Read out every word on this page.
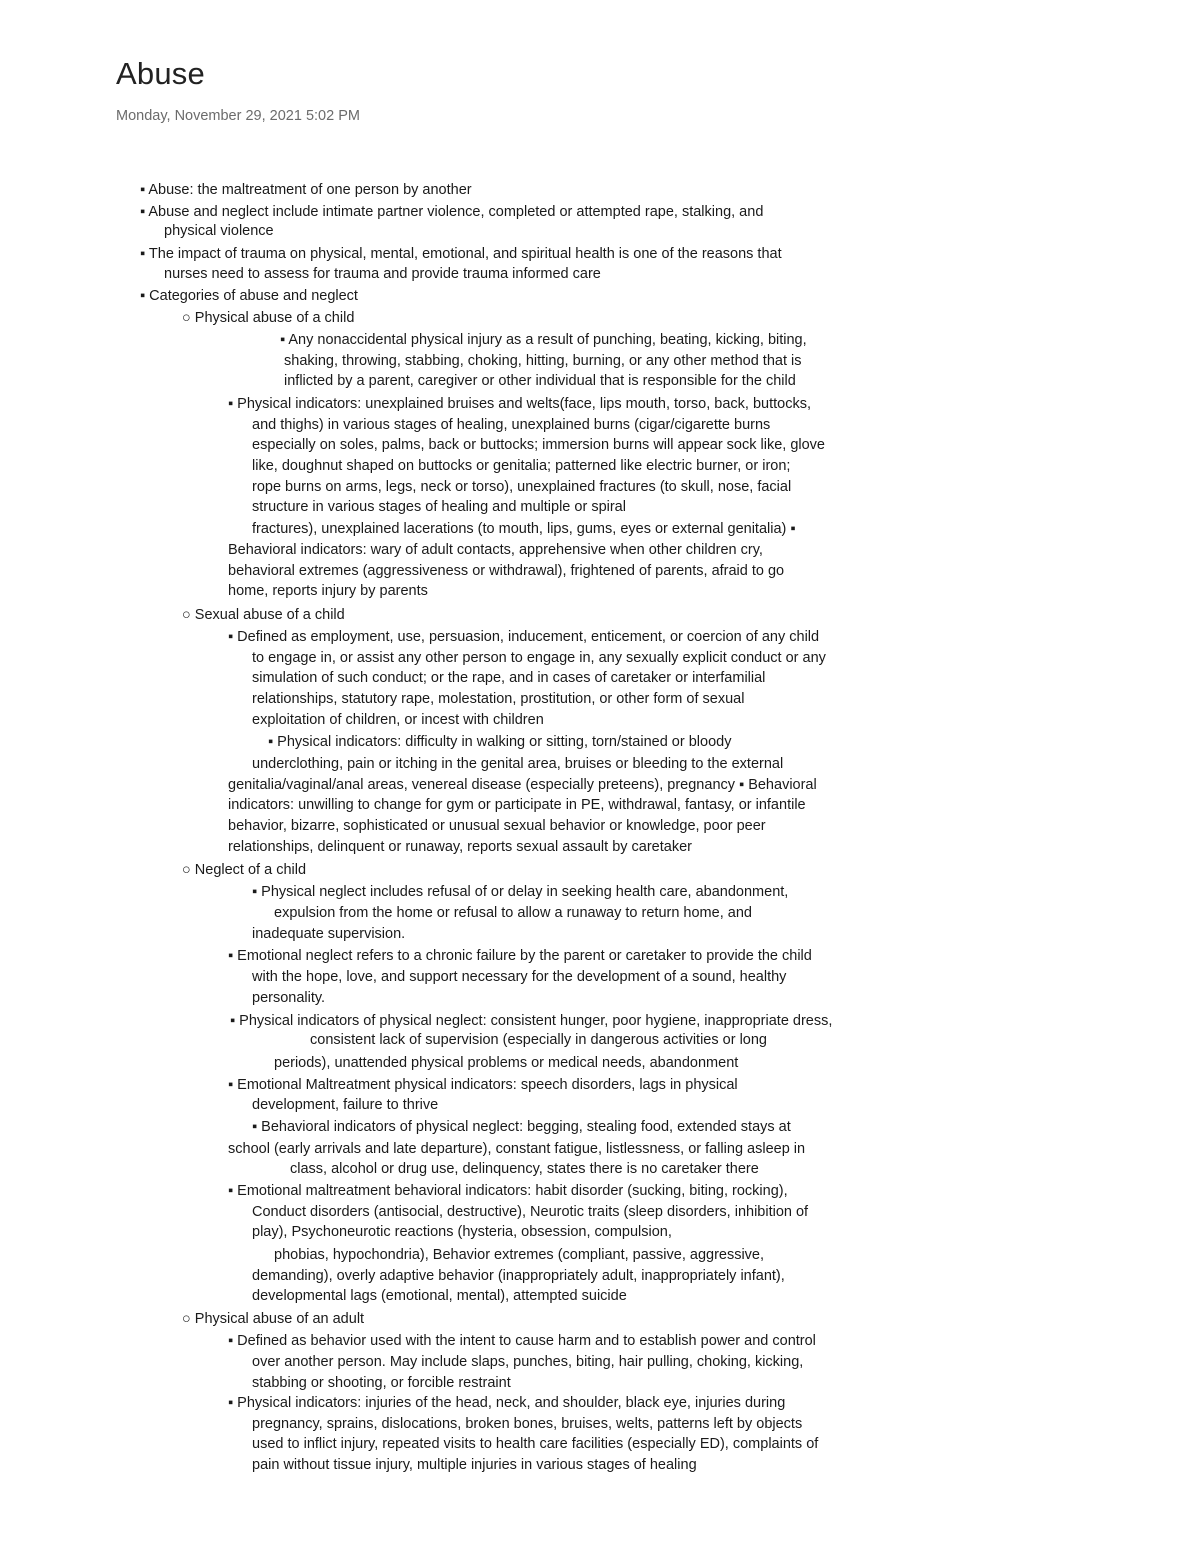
Abuse
Monday, November 29, 2021 5:02 PM
▪ Abuse: the maltreatment of one person by another
▪ Abuse and neglect include intimate partner violence, completed or attempted rape, stalking, and
physical violence
▪ The impact of trauma on physical, mental, emotional, and spiritual health is one of the reasons that
nurses need to assess for trauma and provide trauma informed care
▪ Categories of abuse and neglect
○ Physical abuse of a child
▪ Any nonaccidental physical injury as a result of punching, beating, kicking, biting,
shaking, throwing, stabbing, choking, hitting, burning, or any other method that is
inflicted by a parent, caregiver or other individual that is responsible for the child
▪ Physical indicators: unexplained bruises and welts(face, lips mouth, torso, back, buttocks,
and thighs) in various stages of healing, unexplained burns (cigar/cigarette burns
especially on soles, palms, back or buttocks; immersion burns will appear sock like, glove
like, doughnut shaped on buttocks or genitalia; patterned like electric burner, or iron;
rope burns on arms, legs, neck or torso), unexplained fractures (to skull, nose, facial
structure in various stages of healing and multiple or spiral
fractures), unexplained lacerations (to mouth, lips, gums, eyes or external genitalia) ▪
Behavioral indicators: wary of adult contacts, apprehensive when other children cry,
behavioral extremes (aggressiveness or withdrawal), frightened of parents, afraid to go
home, reports injury by parents
○ Sexual abuse of a child
▪ Defined as employment, use, persuasion, inducement, enticement, or coercion of any child
to engage in, or assist any other person to engage in, any sexually explicit conduct or any
simulation of such conduct; or the rape, and in cases of caretaker or interfamilial
relationships, statutory rape, molestation, prostitution, or other form of sexual
exploitation of children, or incest with children
▪ Physical indicators: difficulty in walking or sitting, torn/stained or bloody
underclothing, pain or itching in the genital area, bruises or bleeding to the external
genitalia/vaginal/anal areas, venereal disease (especially preteens), pregnancy ▪ Behavioral
indicators: unwilling to change for gym or participate in PE, withdrawal, fantasy, or infantile
behavior, bizarre, sophisticated or unusual sexual behavior or knowledge, poor peer
relationships, delinquent or runaway, reports sexual assault by caretaker
○ Neglect of a child
▪ Physical neglect includes refusal of or delay in seeking health care, abandonment,
expulsion from the home or refusal to allow a runaway to return home, and
inadequate supervision.
▪ Emotional neglect refers to a chronic failure by the parent or caretaker to provide the child
with the hope, love, and support necessary for the development of a sound, healthy
personality.
▪ Physical indicators of physical neglect: consistent hunger, poor hygiene, inappropriate dress,
consistent lack of supervision (especially in dangerous activities or long
periods), unattended physical problems or medical needs, abandonment
▪ Emotional Maltreatment physical indicators: speech disorders, lags in physical
development, failure to thrive
▪ Behavioral indicators of physical neglect: begging, stealing food, extended stays at
school (early arrivals and late departure), constant fatigue, listlessness, or falling asleep in
class, alcohol or drug use, delinquency, states there is no caretaker there
▪ Emotional maltreatment behavioral indicators: habit disorder (sucking, biting, rocking),
Conduct disorders (antisocial, destructive), Neurotic traits (sleep disorders, inhibition of
play), Psychoneurotic reactions (hysteria, obsession, compulsion,
phobias, hypochondria), Behavior extremes (compliant, passive, aggressive,
demanding), overly adaptive behavior (inappropriately adult, inappropriately infant),
developmental lags (emotional, mental), attempted suicide
○ Physical abuse of an adult
▪ Defined as behavior used with the intent to cause harm and to establish power and control
over another person. May include slaps, punches, biting, hair pulling, choking, kicking,
stabbing or shooting, or forcible restraint
▪ Physical indicators: injuries of the head, neck, and shoulder, black eye, injuries during
pregnancy, sprains, dislocations, broken bones, bruises, welts, patterns left by objects
used to inflict injury, repeated visits to health care facilities (especially ED), complaints of
pain without tissue injury, multiple injuries in various stages of healing
